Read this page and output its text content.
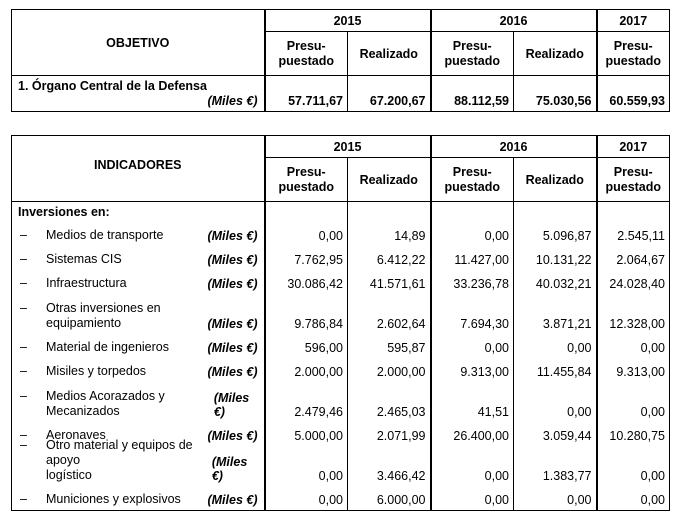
OBJETIVO	2015		2016		2017
	Presu-
puestado	Realizado	Presu-
puestado	Realizado	Presu-
puestado

1. Órgano Central de la Defensa
(Miles €)	57.711,67	67.200,67	88.112,59	75.030,56	60.559,93
INDICADORES	2015		2016		2017
	Presu-
puestado	Realizado	Presu-
puestado	Realizado	Presu-
puestado
Inversiones en:					

– Medios de transporte (Miles €)	0,00	14,89	0,00	5.096,87	2.545,11

– Sistemas CIS (Miles €)	7.762,95	6.412,22	11.427,00	10.131,22	2.064,67

– Infraestructura (Miles €)	30.086,42	41.571,61	33.236,78	40.032,21	24.028,40

– Otras inversiones en
equipamiento (Miles €)	9.786,84	2.602,64	7.694,30	3.871,21	12.328,00

– Material de ingenieros (Miles €)	596,00	595,87	0,00	0,00	0,00

– Misiles y torpedos (Miles €)	2.000,00	2.000,00	9.313,00	11.455,84	9.313,00

– Medios Acorazados y Mecanizados
(Miles €)	2.479,46	2.465,03	41,51	0,00	0,00

– Aeronaves (Miles €)	5.000,00	2.071,99	26.400,00	3.059,44	10.280,75

– Otro material y equipos de apoyo
logístico
(Miles €)	0,00	3.466,42	0,00	1.383,77	0,00

– Municiones y explosivos (Miles €)	0,00	6.000,00	0,00	0,00	0,00
